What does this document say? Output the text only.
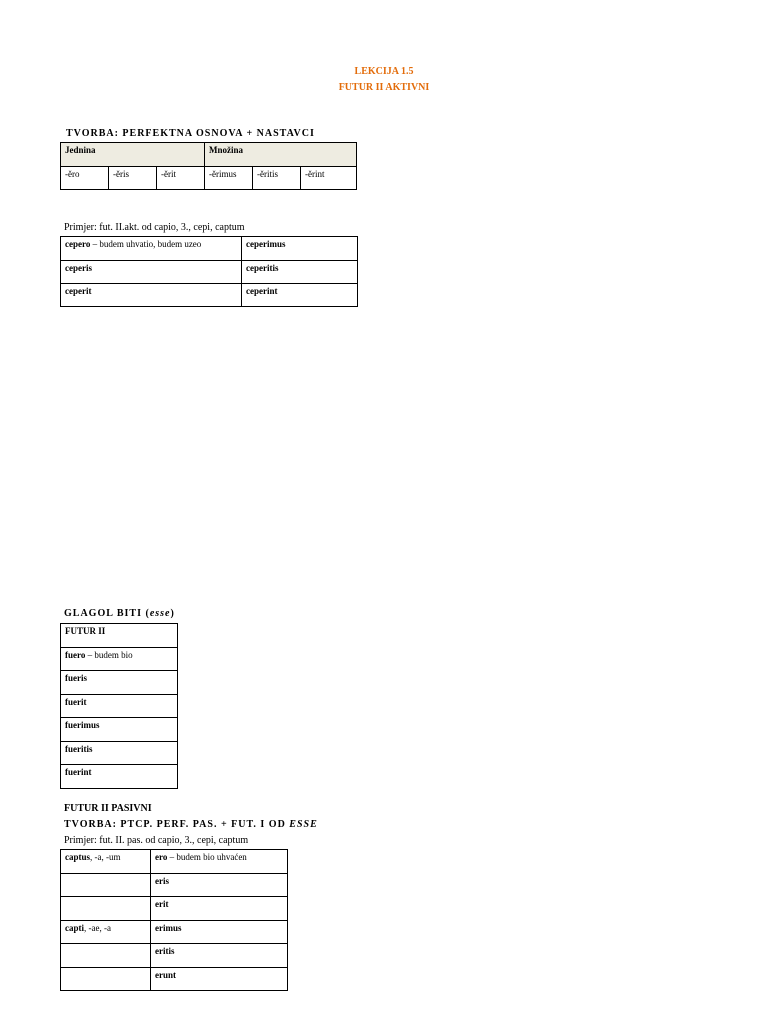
LEKCIJA 1.5
FUTUR II AKTIVNI
TVORBA: PERFEKTNA OSNOVA + NASTAVCI
Jednina			Množina		
-ĕro	-ĕris	-ĕrit	-ĕrimus	-ĕritis	-ĕrint
Primjer: fut. II.akt. od capio, 3., cepi, captum
cepero – budem uhvatio, budem uzeo	ceperimus
ceperis	ceperitis
ceperit	ceperint
GLAGOL BITI (esse)
FUTUR II
fuero – budem bio
fueris
fuerit
fuerimus
fueritis
fuerint
FUTUR II PASIVNI
TVORBA: PTCP. PERF. PAS. + FUT. I OD ESSE
Primjer: fut. II. pas. od capio, 3., cepi, captum
captus, -a, -um	ero – budem bio uhvaćen
	eris
	erit
capti, -ae, -a	erimus
	eritis
	erunt
